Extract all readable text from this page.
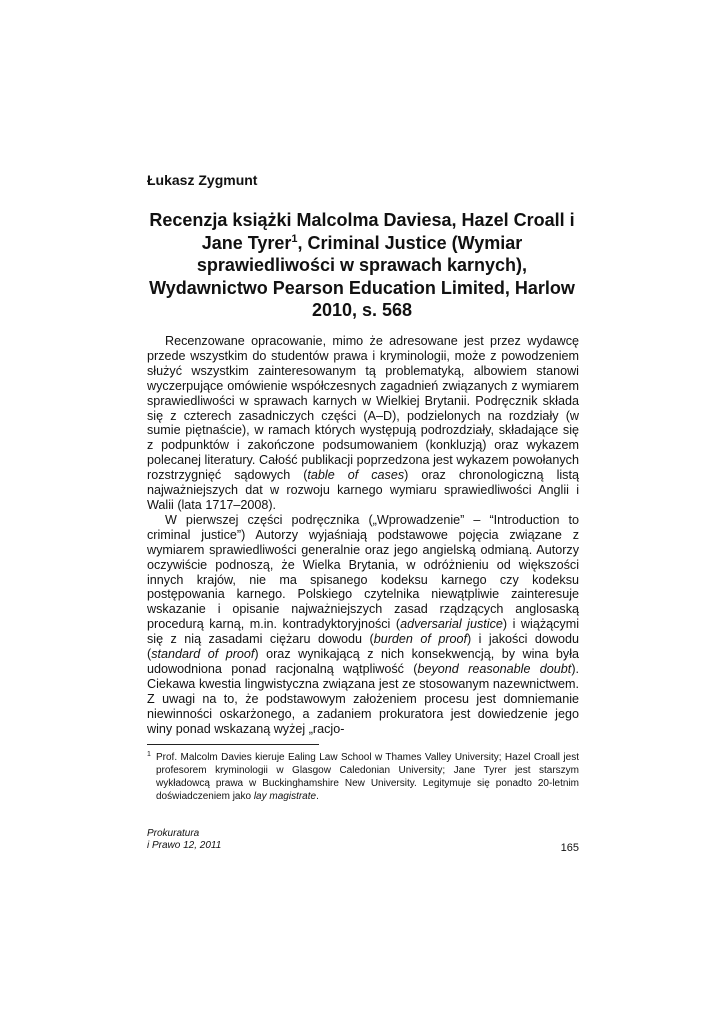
Łukasz Zygmunt
Recenzja książki Malcolma Daviesa, Hazel Croall i Jane Tyrer$^1$, Criminal Justice (Wymiar sprawiedliwości w sprawach karnych), Wydawnictwo Pearson Education Limited, Harlow 2010, s. 568

Recenzowane opracowanie, mimo że adresowane jest przez wydawcę przede wszystkim do studentów prawa i kryminologii, może z powodzeniem służyć wszystkim zainteresowanym tą problematyką, albowiem stanowi wyczerpujące omówienie współczesnych zagadnień związanych z wymiarem sprawiedliwości w sprawach karnych w Wielkiej Brytanii. Podręcznik składa się z czterech zasadniczych części (A–D), podzielonych na rozdziały (w sumie piętnaście), w ramach których występują podrozdziały, składające się z podpunktów i zakończone podsumowaniem (konkluzją) oraz wykazem polecanej literatury. Całość publikacji poprzedzona jest wykazem powołanych rozstrzygnięć sądowych (table of cases) oraz chronologiczną listą najważniejszych dat w rozwoju karnego wymiaru sprawiedliwości Anglii i Walii (lata 1717–2008).

W pierwszej części podręcznika („Wprowadzenie” – “Introduction to criminal justice”) Autorzy wyjaśniają podstawowe pojęcia związane z wymiarem sprawiedliwości generalnie oraz jego angielską odmianą. Autorzy oczywiście podnoszą, że Wielka Brytania, w odróżnieniu od większości innych krajów, nie ma spisanego kodeksu karnego czy kodeksu postępowania karnego. Polskiego czytelnika niewątpliwie zainteresuje wskazanie i opisanie najważniejszych zasad rządzących anglosaską procedurą karną, m.in. kontradyktoryjności (adversarial justice) i wiążącymi się z nią zasadami ciężaru dowodu (burden of proof) i jakości dowodu (standard of proof) oraz wynikającą z nich konsekwencją, by wina była udowodniona ponad racjonalną wątpliwość (beyond reasonable doubt). Ciekawa kwestia lingwistyczna związana jest ze stosowanym nazewnictwem. Z uwagi na to, że podstawowym założeniem procesu jest domniemanie niewinności oskarżonego, a zadaniem prokuratora jest dowiedzenie jego winy ponad wskazaną wyżej „racjo-

1 Prof. Malcolm Davies kieruje Ealing Law School w Thames Valley University; Hazel Croall jest profesorem kryminologii w Glasgow Caledonian University; Jane Tyrer jest starszym wykładowcą prawa w Buckinghamshire New University. Legitymuje się ponadto 20-letnim doświadczeniem jako lay magistrate.
Prokuratura
i Prawo 12, 2011	165
